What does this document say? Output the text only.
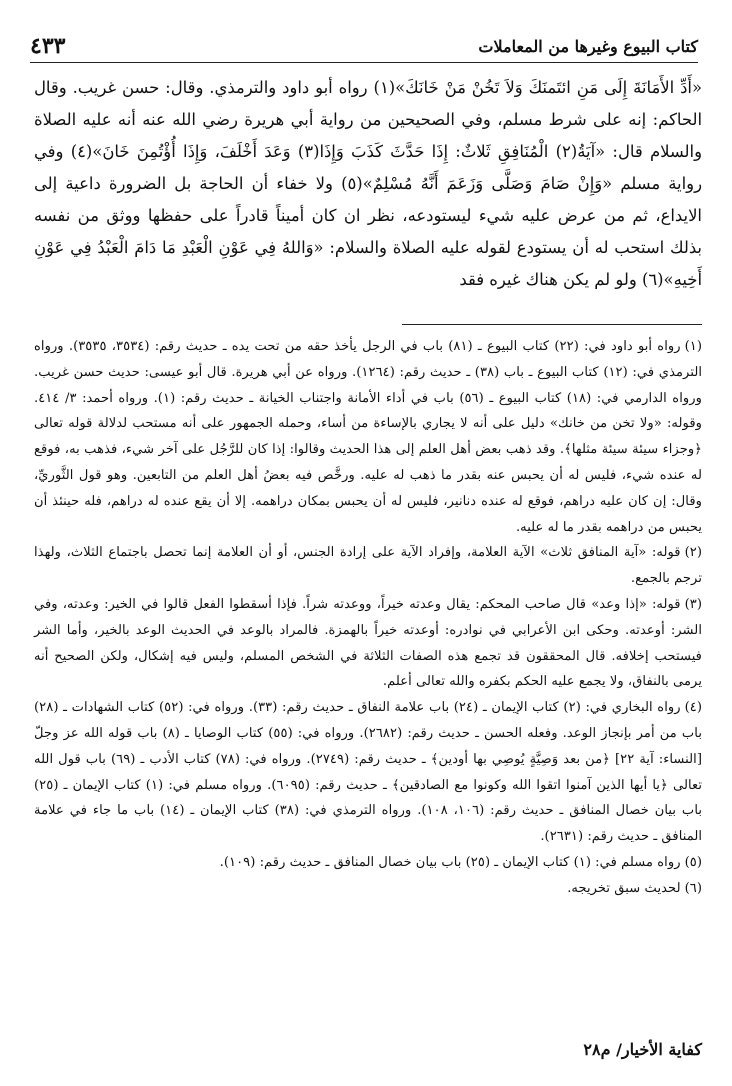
كتاب البيوع وغيرها من المعاملات
٤٣٣

«أَدِّ الأَمَانَةَ إِلَى مَنِ ائتَمنَكَ وَلاَ تَخُنْ مَنْ خَانَكَ»(١) رواه أبو داود والترمذي. وقال: حسن غريب. وقال الحاكم: إنه على شرط مسلم، وفي الصحيحين من رواية أبي هريرة رضي الله عنه أنه عليه الصلاة والسلام قال: «آيَةُ(٢) الْمُنَافِقِ ثَلاثٌ: إِذَا حَدَّثَ كَذَبَ وَإِذَا(٣) وَعَدَ أَخْلَفَ، وَإِذَا أُؤْتُمِنَ خَانَ»(٤) وفي رواية مسلم «وَإِنْ صَامَ وَصَلَّى وَزَعَمَ أَنَّهُ مُسْلِمٌ»(٥) ولا خفاء أن الحاجة بل الضرورة داعية إلى الايداع، ثم من عرض عليه شيء ليستودعه، نظر ان كان أميناً قادراً على حفظها ووثق من نفسه بذلك استحب له أن يستودع لقوله عليه الصلاة والسلام: «وَاللهُ فِي عَوْنِ الْعَبْدِ مَا دَامَ الْعَبْدُ فِي عَوْنِ أَخِيهِ»(٦) ولو لم يكن هناك غيره فقد

(١)رواه أبو داود في: (٢٢) كتاب البيوع ـ (٨١) باب في الرجل يأخذ حقه من تحت يده ـ حديث رقم: (٣٥٣٤، ٣٥٣٥). ورواه الترمذي في: (١٢) كتاب البيوع ـ باب (٣٨) ـ حديث رقم: (١٢٦٤). ورواه عن أبي هريرة. قال أبو عيسى: حديث حسن غريب. ورواه الدارمي في: (١٨) كتاب البيوع ـ (٥٦) باب في أداء الأمانة واجتناب الخيانة ـ حديث رقم: (١). ورواه أحمد: ٣/ ٤١٤. وقوله: «ولا تخن من خانك» دليل على أنه لا يجاري بالإساءة من أساء، وحمله الجمهور على أنه مستحب لدلالة قوله تعالى ﴿وجزاء سيئة سيئة مثلها﴾. وقد ذهب بعض أهل العلم إلى هذا الحديث وقالوا: إذا كان للرَّجُل على آخر شيء، فذهب به، فوقع له عنده شيء، فليس له أن يحبس عنه بقدر ما ذهب له عليه. ورخَّص فيه بعضُ أهل العلم من التابعين. وهو قول الثَّوريِّ، وقال: إن كان عليه دراهم، فوقع له عنده دنانير، فليس له أن يحبس بمكان دراهمه. إلا أن يقع عنده له دراهم، فله حينئذ أن يحبس من دراهمه بقدر ما له عليه.

(٢)قوله: «آية المنافق ثلاث» الآية العلامة، وإفراد الآية على إرادة الجنس، أو أن العلامة إنما تحصل باجتماع الثلاث، ولهذا ترجم بالجمع.

(٣)قوله: «إذا وعد» قال صاحب المحكم: يقال وعدته خيراً، ووعدته شراً. فإذا أسقطوا الفعل قالوا في الخير: وعدته، وفي الشر: أوعدته. وحكى ابن الأعرابي في نوادره: أوعدته خيراً بالهمزة. فالمراد بالوعد في الحديث الوعد بالخير، وأما الشر فيستحب إخلافه. قال المحققون قد تجمع هذه الصفات الثلاثة في الشخص المسلم، وليس فيه إشكال، ولكن الصحيح أنه يرمى بالنفاق، ولا يجمع عليه الحكم بكفره والله تعالى أعلم.

(٤)رواه البخاري في: (٢) كتاب الإيمان ـ (٢٤) باب علامة النفاق ـ حديث رقم: (٣٣). ورواه في: (٥٢) كتاب الشهادات ـ (٢٨) باب من أمر بإنجاز الوعد. وفعله الحسن ـ حديث رقم: (٢٦٨٢). ورواه في: (٥٥) كتاب الوصايا ـ (٨) باب قوله الله عز وجلّ [النساء: آية ٢٢] ﴿من بعد وَصِيَّةٍ يُوصِي بها أودين﴾ ـ حديث رقم: (٢٧٤٩). ورواه في: (٧٨) كتاب الأدب ـ (٦٩) باب قول الله تعالى ﴿يا أيها الذين آمنوا اتقوا الله وكونوا مع الصادقين﴾ ـ حديث رقم: (٦٠٩٥). ورواه مسلم في: (١) كتاب الإيمان ـ (٢٥) باب بيان خصال المنافق ـ حديث رقم: (١٠٦، ١٠٨). ورواه الترمذي في: (٣٨) كتاب الإيمان ـ (١٤) باب ما جاء في علامة المنافق ـ حديث رقم: (٢٦٣١).

(٥)رواه مسلم في: (١) كتاب الإيمان ـ (٢٥) باب بيان خصال المنافق ـ حديث رقم: (١٠٩).

(٦)لحديث سبق تخريجه.

كفاية الأخيار/ م٢٨
